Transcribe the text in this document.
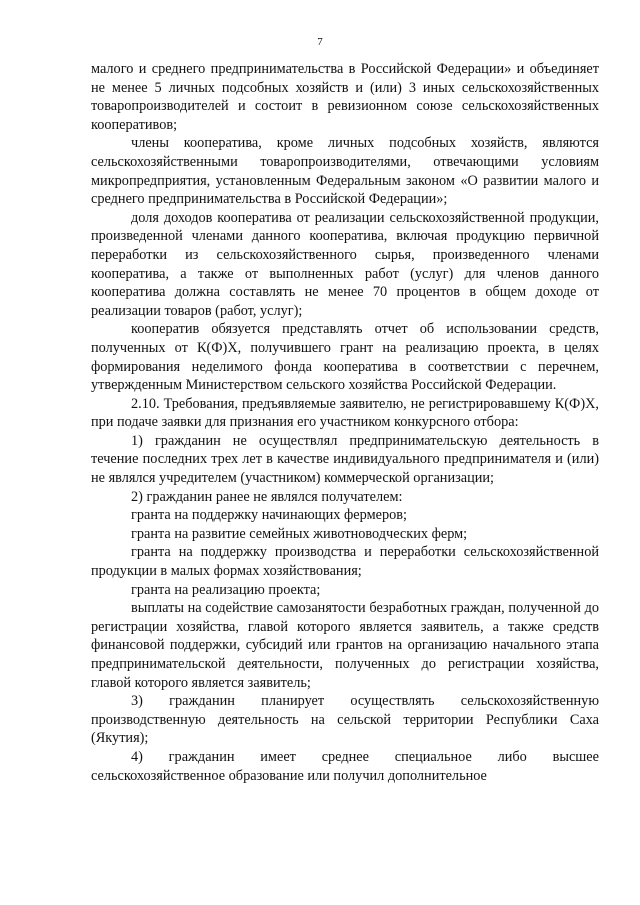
7

малого и среднего предпринимательства в Российской Федерации» и объединяет не менее 5 личных подсобных хозяйств и (или) 3 иных сельскохозяйственных товаропроизводителей и состоит в ревизионном союзе сельскохозяйственных кооперативов;

члены кооператива, кроме личных подсобных хозяйств, являются сельскохозяйственными товаропроизводителями, отвечающими условиям микропредприятия, установленным Федеральным законом «О развитии малого и среднего предпринимательства в Российской Федерации»;

доля доходов кооператива от реализации сельскохозяйственной продукции, произведенной членами данного кооператива, включая продукцию первичной переработки из сельскохозяйственного сырья, произведенного членами кооператива, а также от выполненных работ (услуг) для членов данного кооператива должна составлять не менее 70 процентов в общем доходе от реализации товаров (работ, услуг);

кооператив обязуется представлять отчет об использовании средств, полученных от К(Ф)Х, получившего грант на реализацию проекта, в целях формирования неделимого фонда кооператива в соответствии с перечнем, утвержденным Министерством сельского хозяйства Российской Федерации.

2.10. Требования, предъявляемые заявителю, не регистрировавшему К(Ф)Х, при подаче заявки для признания его участником конкурсного отбора:

1) гражданин не осуществлял предпринимательскую деятельность в течение последних трех лет в качестве индивидуального предпринимателя и (или) не являлся учредителем (участником) коммерческой организации;

2) гражданин ранее не являлся получателем:

гранта на поддержку начинающих фермеров;

гранта на развитие семейных животноводческих ферм;

гранта на поддержку производства и переработки сельскохозяйственной продукции в малых формах хозяйствования;

гранта на реализацию проекта;

выплаты на содействие самозанятости безработных граждан, полученной до регистрации хозяйства, главой которого является заявитель, а также средств финансовой поддержки, субсидий или грантов на организацию начального этапа предпринимательской деятельности, полученных до регистрации хозяйства, главой которого является заявитель;

3) гражданин планирует осуществлять сельскохозяйственную производственную деятельность на сельской территории Республики Саха (Якутия);

4) гражданин имеет среднее специальное либо высшее сельскохозяйственное образование или получил дополнительное
